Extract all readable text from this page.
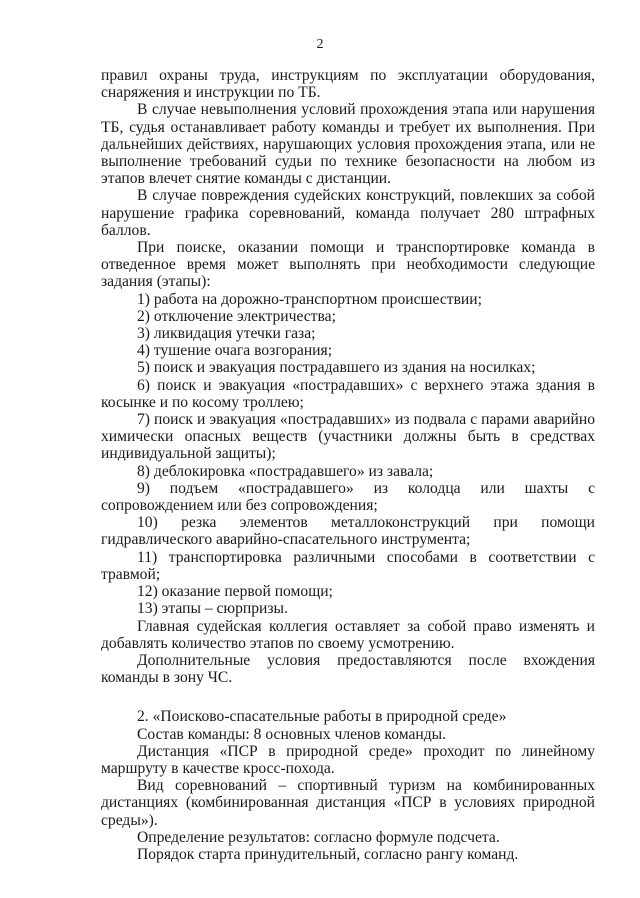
2

правил охраны труда, инструкциям по эксплуатации оборудования, снаряжения и инструкции по ТБ.

В случае невыполнения условий прохождения этапа или нарушения ТБ, судья останавливает работу команды и требует их выполнения. При дальнейших действиях, нарушающих условия прохождения этапа, или не выполнение требований судьи по технике безопасности на любом из этапов влечет снятие команды с дистанции.

В случае повреждения судейских конструкций, повлекших за собой нарушение графика соревнований, команда получает 280 штрафных баллов.

При поиске, оказании помощи и транспортировке команда в отведенное время может выполнять при необходимости следующие задания (этапы):

1) работа на дорожно-транспортном происшествии;

2) отключение электричества;

3) ликвидация утечки газа;

4) тушение очага возгорания;

5) поиск и эвакуация пострадавшего из здания на носилках;

6) поиск и эвакуация «пострадавших» с верхнего этажа здания в косынке и по косому троллею;

7) поиск и эвакуация «пострадавших» из подвала с парами аварийно химически опасных веществ (участники должны быть в средствах индивидуальной защиты);

8) деблокировка «пострадавшего» из завала;

9) подъем «пострадавшего» из колодца или шахты с сопровождением или без сопровождения;

10) резка элементов металлоконструкций при помощи гидравлического аварийно-спасательного инструмента;

11) транспортировка различными способами в соответствии с травмой;

12) оказание первой помощи;

13) этапы – сюрпризы.

Главная судейская коллегия оставляет за собой право изменять и добавлять количество этапов по своему усмотрению.

Дополнительные условия предоставляются после вхождения команды в зону ЧС.

2. «Поисково-спасательные работы в природной среде»

Состав команды: 8 основных членов команды.

Дистанция «ПСР в природной среде» проходит по линейному маршруту в качестве кросс-похода.

Вид соревнований – спортивный туризм на комбинированных дистанциях (комбинированная дистанция «ПСР в условиях природной среды»).

Определение результатов: согласно формуле подсчета.

Порядок старта принудительный, согласно рангу команд.
